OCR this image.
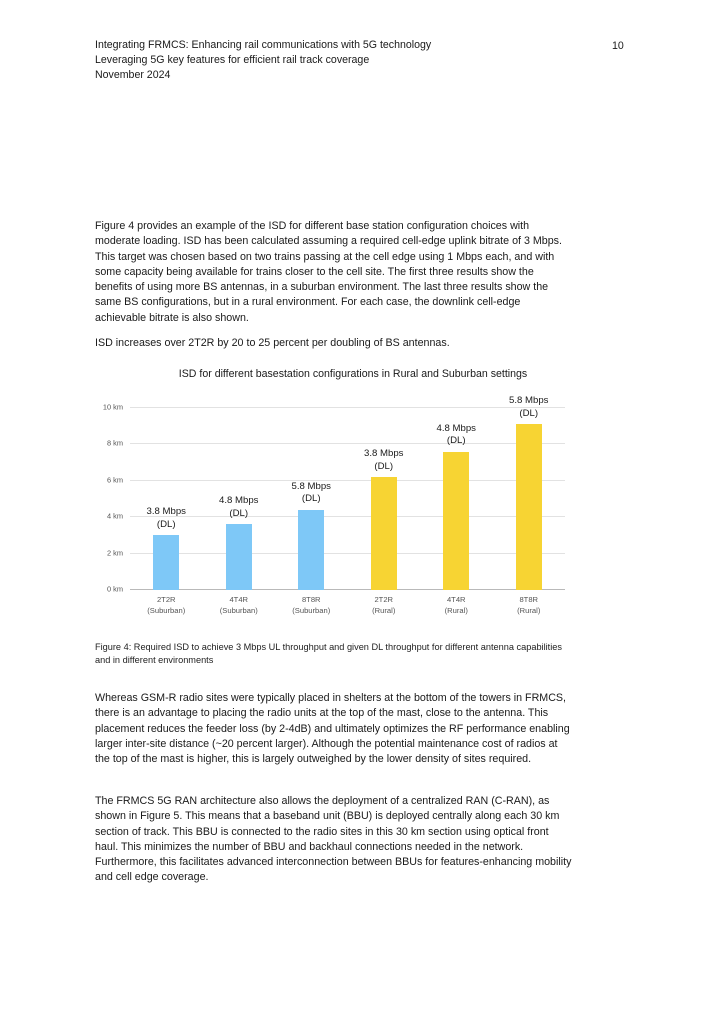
Integrating FRMCS: Enhancing rail communications with 5G technology
Leveraging 5G key features for efficient rail track coverage
November 2024
10

Figure 4 provides an example of the ISD for different base station configuration choices with moderate loading. ISD has been calculated assuming a required cell-edge uplink bitrate of 3 Mbps. This target was chosen based on two trains passing at the cell edge using 1 Mbps each, and with some capacity being available for trains closer to the cell site. The first three results show the benefits of using more BS antennas, in a suburban environment. The last three results show the same BS configurations, but in a rural environment. For each case, the downlink cell-edge achievable bitrate is also shown.

ISD increases over 2T2R by 20 to 25 percent per doubling of BS antennas.

ISD for different basestation configurations in Rural and Suburban settings
0 km
2 km
4 km
6 km
8 km
10 km
3.8 Mbps
(DL)
4.8 Mbps
(DL)
5.8 Mbps
(DL)
3.8 Mbps
(DL)
4.8 Mbps
(DL)
5.8 Mbps
(DL)
2T2R
(Suburban)
4T4R
(Suburban)
8T8R
(Suburban)
2T2R
(Rural)
4T4R
(Rural)
8T8R
(Rural)
Figure 4: Required ISD to achieve 3 Mbps UL throughput and given DL throughput for different antenna capabilities and in different environments

Whereas GSM-R radio sites were typically placed in shelters at the bottom of the towers in FRMCS, there is an advantage to placing the radio units at the top of the mast, close to the antenna. This placement reduces the feeder loss (by 2-4dB) and ultimately optimizes the RF performance enabling larger inter-site distance (~20 percent larger). Although the potential maintenance cost of radios at the top of the mast is higher, this is largely outweighed by the lower density of sites required.

The FRMCS 5G RAN architecture also allows the deployment of a centralized RAN (C-RAN), as shown in Figure 5. This means that a baseband unit (BBU) is deployed centrally along each 30 km section of track. This BBU is connected to the radio sites in this 30 km section using optical front haul. This minimizes the number of BBU and backhaul connections needed in the network. Furthermore, this facilitates advanced interconnection between BBUs for features-enhancing mobility and cell edge coverage.
